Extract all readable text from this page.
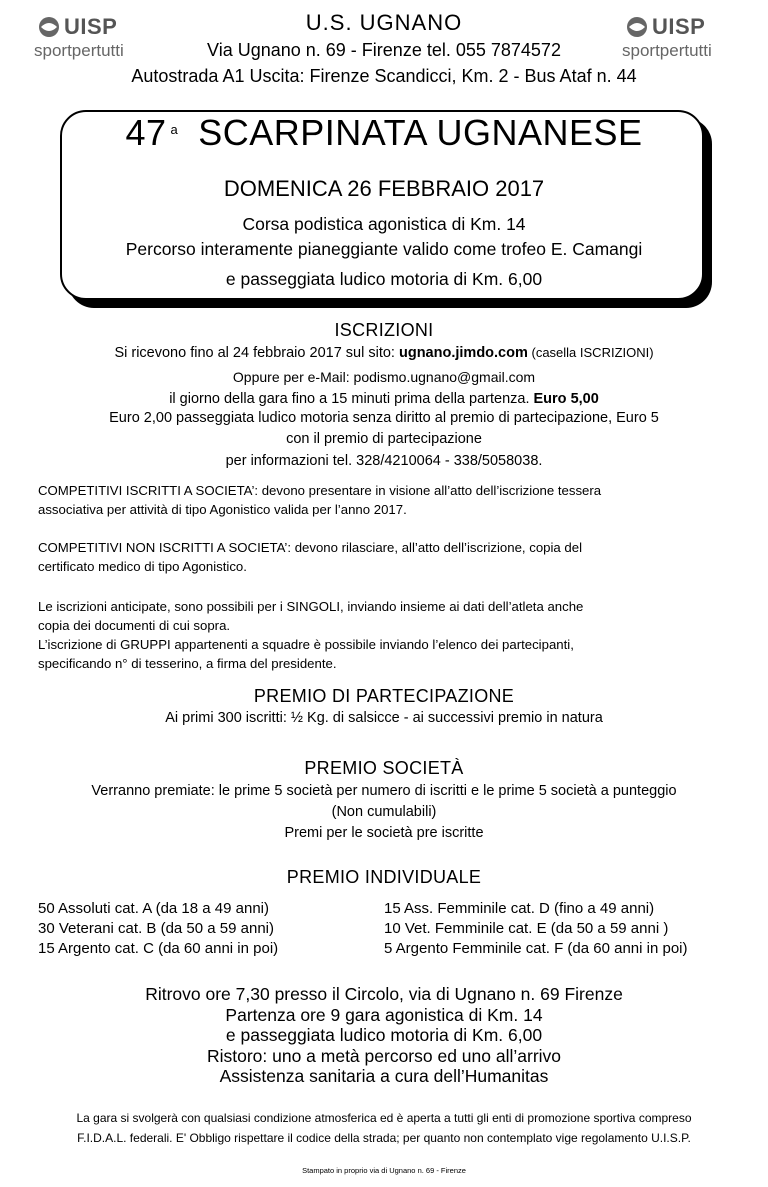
UISP
sportpertutti
UISP
sportpertutti
U.S. UGNANO
Via Ugnano n. 69 - Firenze tel. 055 7874572
Autostrada A1 Uscita: Firenze Scandicci, Km. 2 - Bus Ataf n. 44
47 $^a$ SCARPINATA UGNANESE
DOMENICA 26 FEBBRAIO 2017
Corsa podistica agonistica di Km. 14
Percorso interamente pianeggiante valido come trofeo E. Camangi
e passeggiata ludico motoria di Km. 6,00
ISCRIZIONI
Si ricevono fino al 24 febbraio 2017 sul sito: ugnano.jimdo.com (casella ISCRIZIONI)
Oppure per e-Mail: podismo.ugnano@gmail.com
il giorno della gara fino a 15 minuti prima della partenza. Euro 5,00
Euro 2,00 passeggiata ludico motoria senza diritto al premio di partecipazione, Euro 5
con il premio di partecipazione
per informazioni tel. 328/4210064 - 338/5058038.
COMPETITIVI ISCRITTI A SOCIETA’: devono presentare in visione all’atto dell’iscrizione tessera
associativa per attività di tipo Agonistico valida per l’anno 2017.
COMPETITIVI NON ISCRITTI A SOCIETA’: devono rilasciare, all’atto dell’iscrizione, copia del
certificato medico di tipo Agonistico.
Le iscrizioni anticipate, sono possibili per i SINGOLI, inviando insieme ai dati dell’atleta anche
copia dei documenti di cui sopra.
L’iscrizione di GRUPPI appartenenti a squadre è possibile inviando l’elenco dei partecipanti,
specificando n° di tesserino, a firma del presidente.
PREMIO DI PARTECIPAZIONE
Ai primi 300 iscritti: ½ Kg. di salsicce - ai successivi premio in natura
PREMIO SOCIETÀ
Verranno premiate: le prime 5 società per numero di iscritti e le prime 5 società a punteggio
(Non cumulabili)
Premi per le società pre iscritte
PREMIO INDIVIDUALE
50 Assoluti cat. A (da 18 a 49 anni)
30 Veterani cat. B (da 50 a 59 anni)
15 Argento cat. C (da 60 anni in poi)
15 Ass. Femminile cat. D (fino a 49 anni)
10 Vet. Femminile cat. E (da 50 a 59 anni )
5 Argento Femminile cat. F (da 60 anni in poi)
Ritrovo ore 7,30 presso il Circolo, via di Ugnano n. 69 Firenze
Partenza ore 9 gara agonistica di Km. 14
e passeggiata ludico motoria di Km. 6,00
Ristoro: uno a metà percorso ed uno all’arrivo
Assistenza sanitaria a cura dell’Humanitas
La gara si svolgerà con qualsiasi condizione atmosferica ed è aperta a tutti gli enti di promozione sportiva compreso
F.I.D.A.L. federali. E' Obbligo rispettare il codice della strada; per quanto non contemplato vige regolamento U.I.S.P.
Stampato in proprio via di Ugnano n. 69 - Firenze
